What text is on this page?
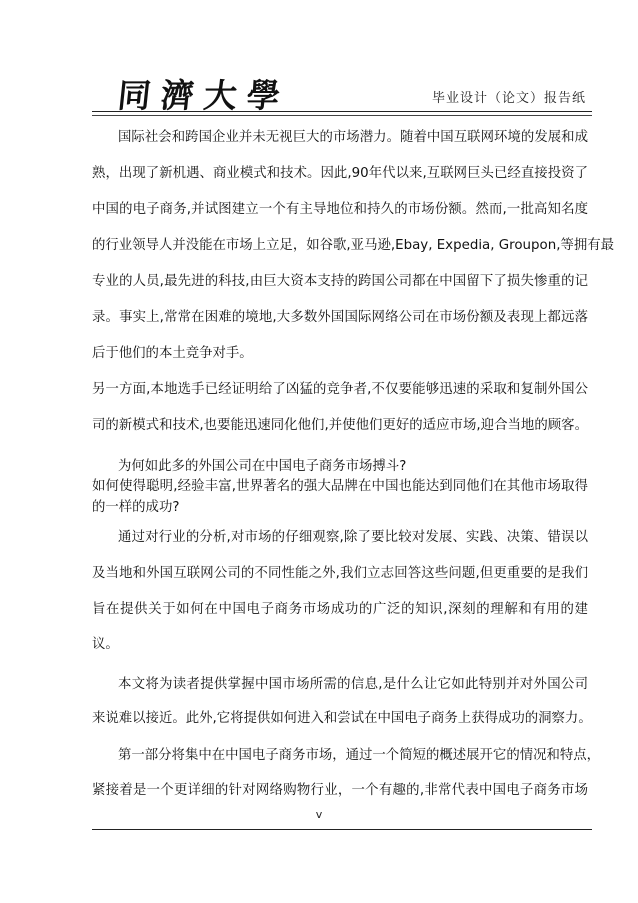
同濟大學	毕业设计（论文）报告纸
国际社会和跨国企业并未无视巨大的市场潜力。随着中国互联网环境的发展和成
熟，出现了新机遇、商业模式和技术。因此,90年代以来,互联网巨头已经直接投资了
中国的电子商务,并试图建立一个有主导地位和持久的市场份额。然而,一批高知名度
的行业领导人并没能在市场上立足，如谷歌,亚马逊,Ebay, Expedia, Groupon,等拥有最
专业的人员,最先进的科技,由巨大资本支持的跨国公司都在中国留下了损失惨重的记
录。事实上,常常在困难的境地,大多数外国国际网络公司在市场份额及表现上都远落
后于他们的本土竞争对手。
另一方面,本地选手已经证明给了凶猛的竞争者,不仅要能够迅速的采取和复制外国公
司的新模式和技术,也要能迅速同化他们,并使他们更好的适应市场,迎合当地的顾客。
为何如此多的外国公司在中国电子商务市场搏斗?
如何使得聪明,经验丰富,世界著名的强大品牌在中国也能达到同他们在其他市场取得
的一样的成功?
通过对行业的分析,对市场的仔细观察,除了要比较对发展、实践、决策、错误以
及当地和外国互联网公司的不同性能之外,我们立志回答这些问题,但更重要的是我们
旨在提供关于如何在中国电子商务市场成功的广泛的知识,深刻的理解和有用的建
议。
本文将为读者提供掌握中国市场所需的信息,是什么让它如此特别并对外国公司
来说难以接近。此外,它将提供如何进入和尝试在中国电子商务上获得成功的洞察力。
第一部分将集中在中国电子商务市场，通过一个简短的概述展开它的情况和特点，
紧接着是一个更详细的针对网络购物行业，一个有趣的,非常代表中国电子商务市场
v
